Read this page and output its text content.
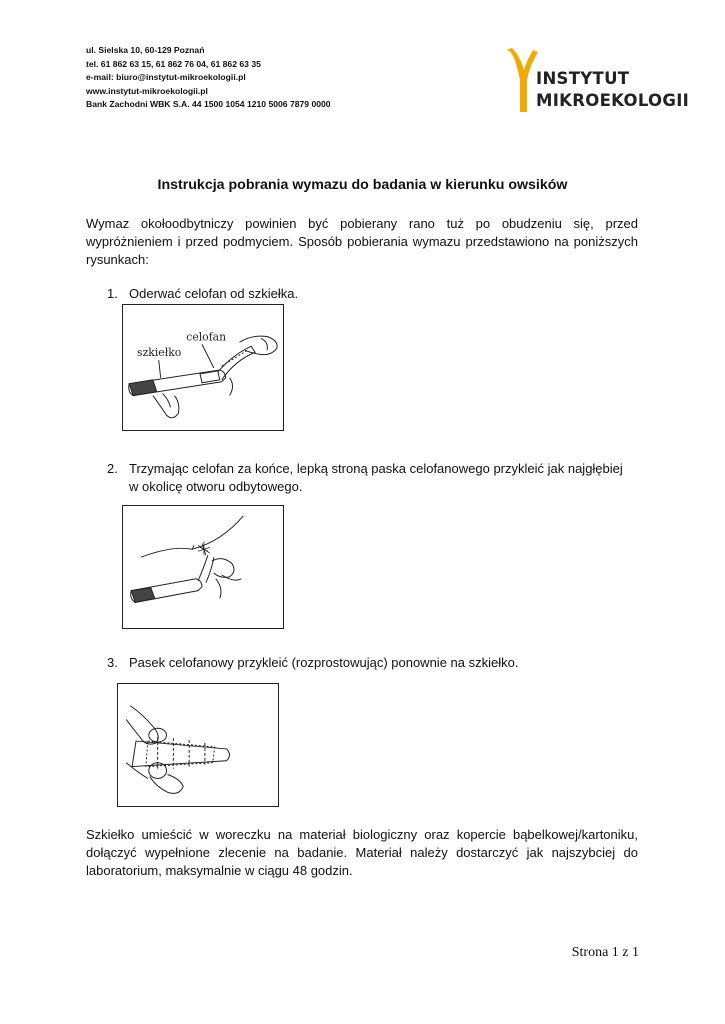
ul. Sielska 10, 60-129 Poznań
tel. 61 862 63 15, 61 862 76 04, 61 862 63 35
e-mail: biuro@instytut-mikroekologii.pl
www.instytut-mikroekologii.pl
Bank Zachodni WBK S.A. 44 1500 1054 1210 5006 7879 0000
INSTYTUT
MIKROEKOLOGII
Instrukcja pobrania wymazu do badania w kierunku owsików
Wymaz okołoodbytniczy powinien być pobierany rano tuż po obudzeniu się, przed wypróżnieniem i przed podmyciem. Sposób pobierania wymazu przedstawiono na poniższych rysunkach:
1. Oderwać celofan od szkiełka.
szkiełko
celofan
2. Trzymając celofan za końce, lepką stroną paska celofanowego przykleić jak najgłębiej
w okolicę otworu odbytowego.
3. Pasek celofanowy przykleić (rozprostowując) ponownie na szkiełko.
Szkiełko umieścić w woreczku na materiał biologiczny oraz kopercie bąbelkowej/kartoniku, dołączyć wypełnione zlecenie na badanie. Materiał należy dostarczyć jak najszybciej do laboratorium, maksymalnie w ciągu 48 godzin.
Strona 1 z 1
